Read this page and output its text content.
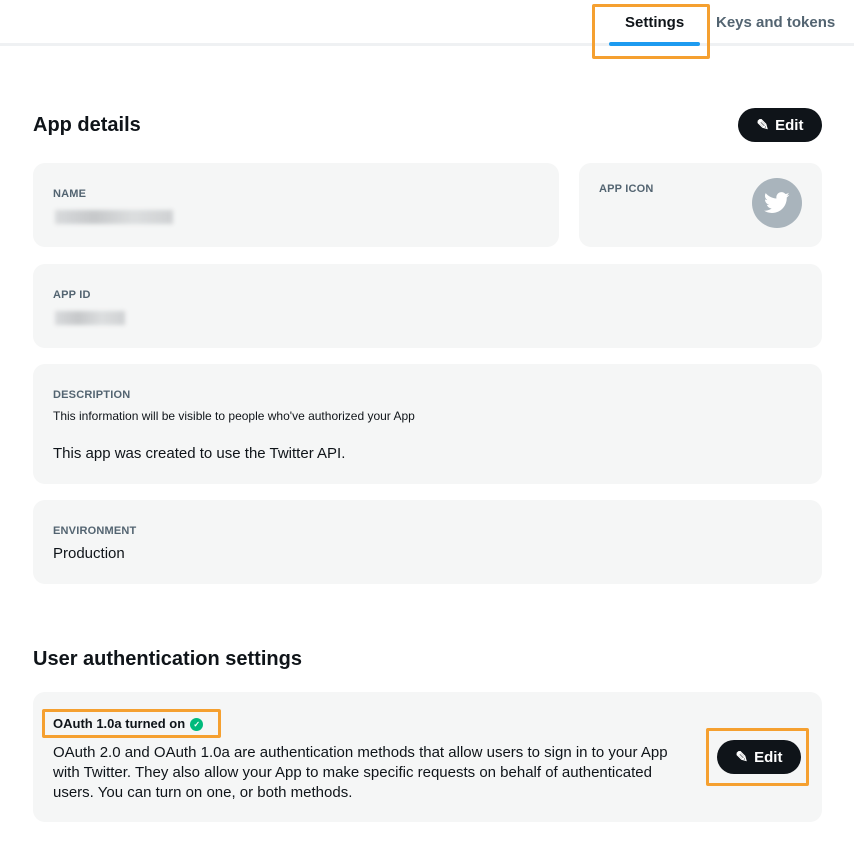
Settings Keys and tokens
App details	✎ Edit
NAME	APP ICON
APP ID
DESCRIPTION
This information will be visible to people who've authorized your App
This app was created to use the Twitter API.
ENVIRONMENT
Production
User authentication settings
OAuth 1.0a turned on ✓
OAuth 2.0 and OAuth 1.0a are authentication methods that allow users to sign in to your App with Twitter. They also allow your App to make specific requests on behalf of authenticated users. You can turn on one, or both methods.
✎ Edit
